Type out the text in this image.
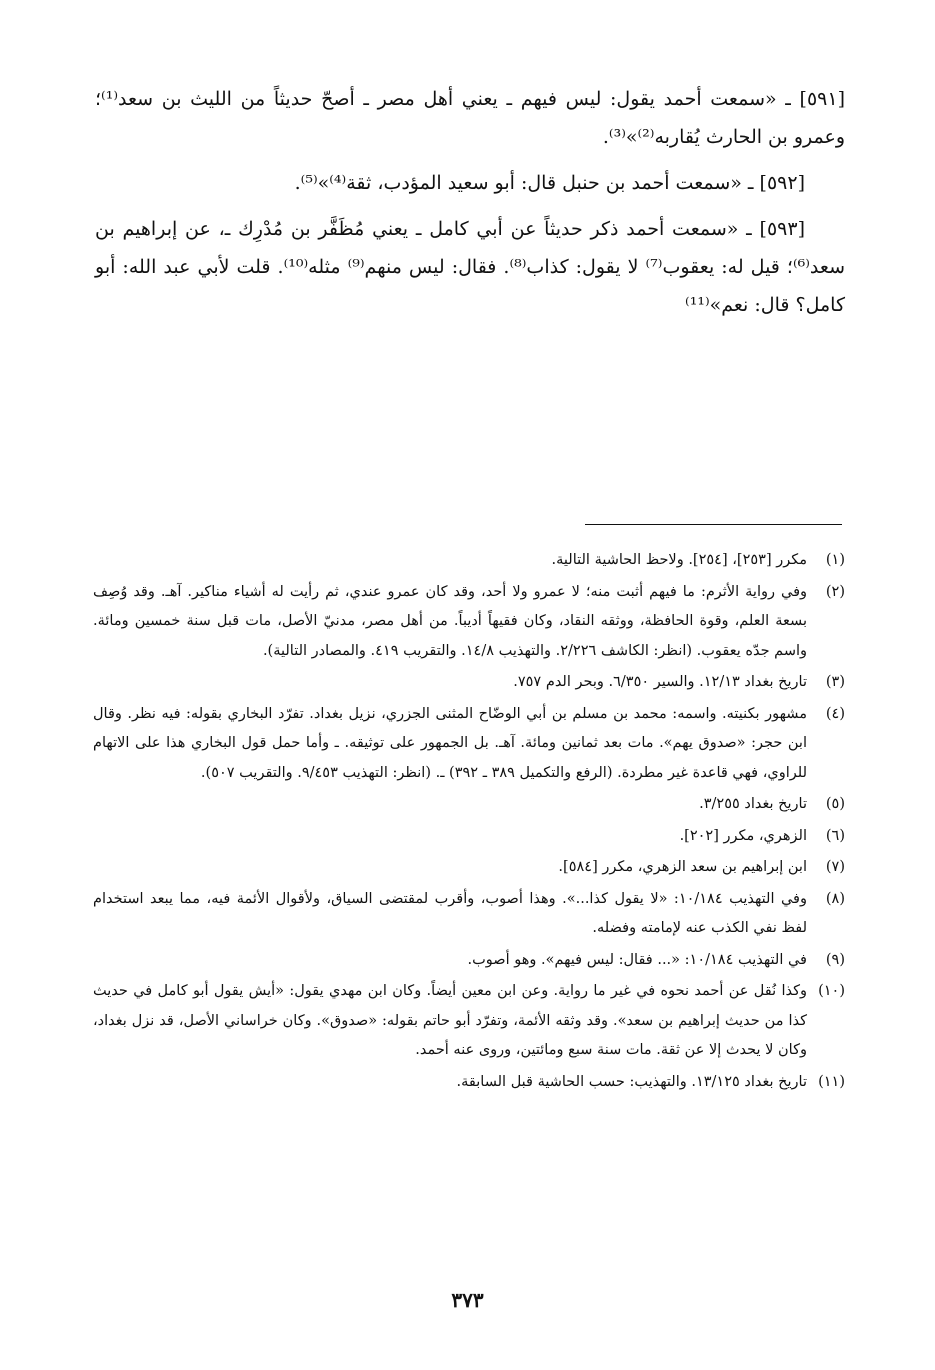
[٥٩١] ـ «سمعت أحمد يقول: ليس فيهم ـ يعني أهل مصر ـ أصحّ حديثاً من الليث بن سعد⁽¹⁾؛ وعمرو بن الحارث يُقاربه⁽²⁾»⁽³⁾.

[٥٩٢] ـ «سمعت أحمد بن حنبل قال: أبو سعيد المؤدب، ثقة⁽⁴⁾»⁽⁵⁾.

[٥٩٣] ـ «سمعت أحمد ذكر حديثاً عن أبي كامل ـ يعني مُظَفَّر بن مُدْرِك ـ، عن إبراهيم بن سعد⁽⁶⁾؛ قيل له: يعقوب⁽⁷⁾ لا يقول: كذاب⁽⁸⁾. فقال: ليس منهم⁽⁹⁾ مثله⁽¹⁰⁾. قلت لأبي عبد الله: أبو كامل؟ قال: نعم»⁽¹¹⁾

(١)
مكرر [٢٥٣]، [٢٥٤]. ولاحظ الحاشية التالية.
(٢)
وفي رواية الأثرم: ما فيهم أثبت منه؛ لا عمرو ولا أحد، وقد كان عمرو عندي، ثم رأيت له أشياء مناكير. آهـ. وقد وُصِف بسعة العلم، وقوة الحافظة، ووثقه النقاد، وكان فقيهاً أديباً. من أهل مصر، مدنيّ الأصل، مات قبل سنة خمسين ومائة. واسم جدّه يعقوب. (انظر: الكاشف ٢/٢٢٦. والتهذيب ١٤/٨. والتقريب ٤١٩. والمصادر التالية).
(٣)
تاريخ بغداد ١٢/١٣. والسير ٦/٣٥٠. وبحر الدم ٧٥٧.
(٤)
مشهور بكنيته. واسمه: محمد بن مسلم بن أبي الوضّاح المثنى الجزري، نزيل بغداد. تفرّد البخاري بقوله: فيه نظر. وقال ابن حجر: «صدوق يهم». مات بعد ثمانين ومائة. آهـ. بل الجمهور على توثيقه. ـ وأما حمل قول البخاري هذا على الاتهام للراوي، فهي قاعدة غير مطردة. (الرفع والتكميل ٣٨٩ ـ ٣٩٢) ـ. (انظر: التهذيب ٩/٤٥٣. والتقريب ٥٠٧).
(٥)
تاريخ بغداد ٣/٢٥٥.
(٦)
الزهري، مكرر [٢٠٢].
(٧)
ابن إبراهيم بن سعد الزهري، مكرر [٥٨٤].
(٨)
وفي التهذيب ١٠/١٨٤: «لا يقول كذا...». وهذا أصوب، وأقرب لمقتضى السياق، ولأقوال الأئمة فيه، مما يبعد استخدام لفظ نفي الكذب عنه لإمامته وفضله.
(٩)
في التهذيب ١٠/١٨٤: «... فقال: ليس فيهم». وهو أصوب.
(١٠)
وكذا نُقل عن أحمد نحوه في غير ما رواية. وعن ابن معين أيضاً. وكان ابن مهدي يقول: «أيش يقول أبو كامل في حديث كذا من حديث إبراهيم بن سعد». وقد وثقه الأئمة، وتفرّد أبو حاتم بقوله: «صدوق». وكان خراساني الأصل، قد نزل بغداد، وكان لا يحدث إلا عن ثقة. مات سنة سبع ومائتين، وروى عنه أحمد.
(١١)
تاريخ بغداد ١٣/١٢٥. والتهذيب: حسب الحاشية قبل السابقة.
٣٧٣
